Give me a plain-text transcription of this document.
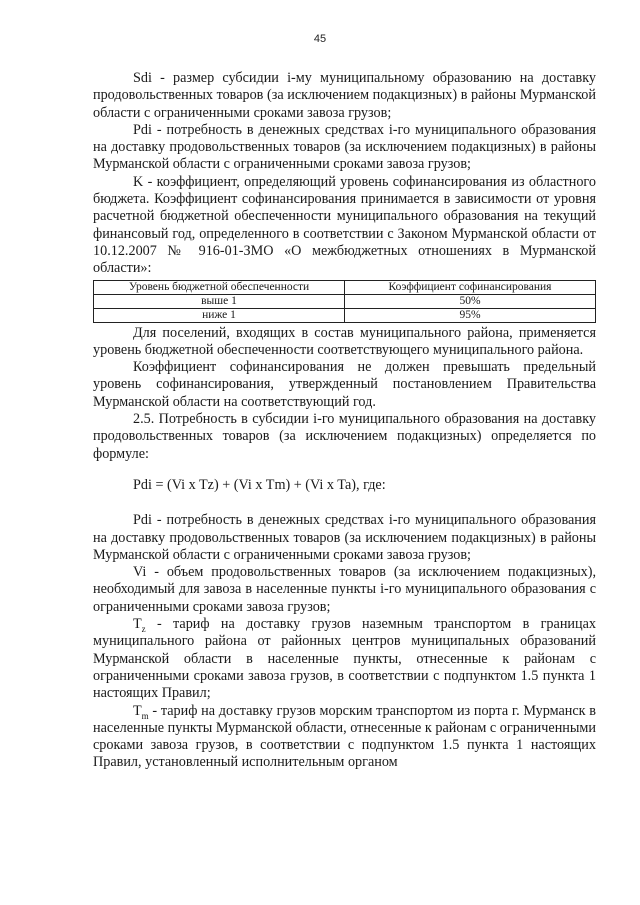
45

Sdi - размер субсидии i-му муниципальному образованию на доставку продовольственных товаров (за исключением подакцизных) в районы Мурманской области с ограниченными сроками завоза грузов;

Pdi - потребность в денежных средствах i-го муниципального образования на доставку продовольственных товаров (за исключением подакцизных) в районы Мурманской области с ограниченными сроками завоза грузов;

K - коэффициент, определяющий уровень софинансирования из областного бюджета. Коэффициент софинансирования принимается в зависимости от уровня расчетной бюджетной обеспеченности муниципального образования на текущий финансовый год, определенного в соответствии с Законом Мурманской области от 10.12.2007 № 916-01-ЗМО «О межбюджетных отношениях в Мурманской области»:

Уровень бюджетной обеспеченности	Коэффициент софинансирования
выше 1	50%
ниже 1	95%

Для поселений, входящих в состав муниципального района, применяется уровень бюджетной обеспеченности соответствующего муниципального района.

Коэффициент софинансирования не должен превышать предельный уровень софинансирования, утвержденный постановлением Правительства Мурманской области на соответствующий год.

2.5. Потребность в субсидии i-го муниципального образования на доставку продовольственных товаров (за исключением подакцизных) определяется по формуле:

Pdi = (Vi x Tz) + (Vi x Tm) + (Vi x Ta), где:

Pdi - потребность в денежных средствах i-го муниципального образования на доставку продовольственных товаров (за исключением подакцизных) в районы Мурманской области с ограниченными сроками завоза грузов;

Vi - объем продовольственных товаров (за исключением подакцизных), необходимый для завоза в населенные пункты i-го муниципального образования с ограниченными сроками завоза грузов;

$T_z$ - тариф на доставку грузов наземным транспортом в границах муниципального района от районных центров муниципальных образований Мурманской области в населенные пункты, отнесенные к районам с ограниченными сроками завоза грузов, в соответствии с подпунктом 1.5 пункта 1 настоящих Правил;

$T_m$ - тариф на доставку грузов морским транспортом из порта г. Мурманск в населенные пункты Мурманской области, отнесенные к районам с ограниченными сроками завоза грузов, в соответствии с подпунктом 1.5 пункта 1 настоящих Правил, установленный исполнительным органом
